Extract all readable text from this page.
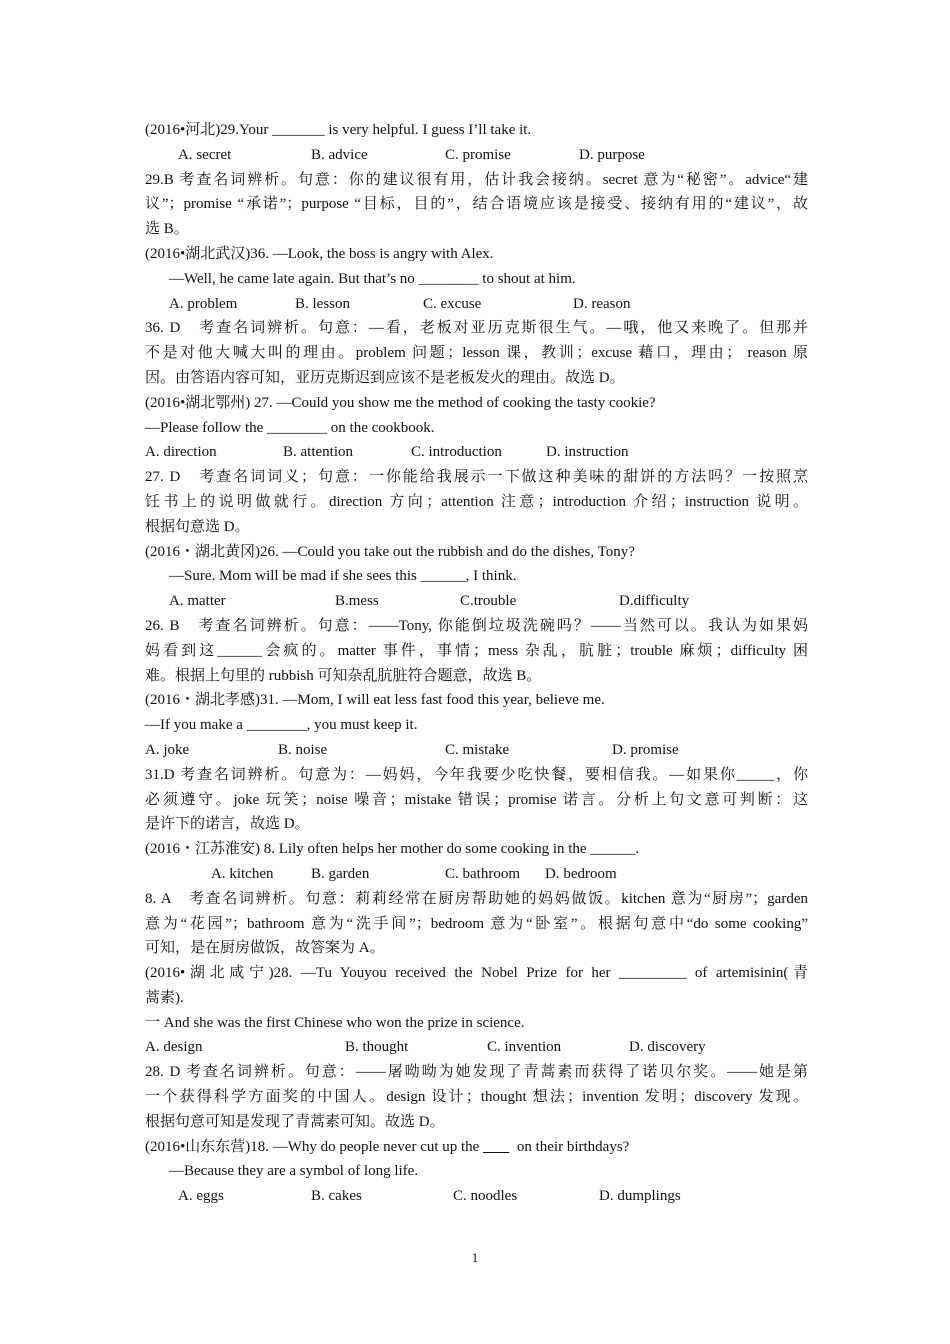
(2016•河北)29.Your _______ is very helpful. I guess I’ll take it.
A. secret	B. advice	C. promise	D. purpose
29.B 考查名词辨析。句意：你的建议很有用，估计我会接纳。secret 意为“秘密”。advice“建
议”；promise “承诺”；purpose “目标，目的”，结合语境应该是接受、接纳有用的“建议”，故
选 B。
(2016•湖北武汉)36. —Look, the boss is angry with Alex.
—Well, he came late again. But that’s no ________ to shout at him.
A. problem	B. lesson	C. excuse	D. reason
36. D　考查名词辨析。句意：—看，老板对亚历克斯很生气。—哦，他又来晚了。但那并
不是对他大喊大叫的理由。problem 问题；lesson 课，教训；excuse 藉口，理由； reason 原
因。由答语内容可知，亚历克斯迟到应该不是老板发火的理由。故选 D。
(2016•湖北鄂州) 27. —Could you show me the method of cooking the tasty cookie?
—Please follow the ________ on the cookbook.
A. direction	B. attention	C. introduction	D. instruction
27. D　考查名词词义；句意：一你能给我展示一下做这种美味的甜饼的方法吗？一按照烹
饪书上的说明做就行。direction 方向；attention 注意；introduction 介绍；instruction 说明。
根据句意选 D。
(2016・湖北黄冈)26. —Could you take out the rubbish and do the dishes, Tony?
—Sure. Mom will be mad if she sees this ______, I think.
A. matter	B.mess	C.trouble	D.difficulty
26. B　考查名词辨析。句意：——Tony, 你能倒垃圾洗碗吗？——当然可以。我认为如果妈
妈看到这______会疯的。matter 事件，事情；mess 杂乱，肮脏；trouble 麻烦；difficulty 困
难。根据上句里的 rubbish 可知杂乱肮脏符合题意，故选 B。
(2016・湖北孝感)31. —Mom, I will eat less fast food this year, believe me.
—If you make a ________, you must keep it.
A. joke	B. noise	C. mistake	D. promise
31.D 考查名词辨析。句意为：—妈妈，今年我要少吃快餐，要相信我。—如果你_____，你
必须遵守。joke 玩笑；noise 噪音；mistake 错误；promise 诺言。分析上句文意可判断：这
是许下的诺言，故选 D。
(2016・江苏淮安) 8. Lily often helps her mother do some cooking in the ______.
A. kitchen	B. garden	C. bathroom D. bedroom
8. A　考查名词辨析。句意：莉莉经常在厨房帮助她的妈妈做饭。kitchen 意为“厨房”；garden
意为“花园”；bathroom 意为“洗手间”；bedroom 意为“卧室”。根据句意中“do some cooking”
可知，是在厨房做饭，故答案为 A。
(2016•湖北咸宁)28. —Tu Youyou received the Nobel Prize for her _________ of artemisinin(青
蒿素).
一 And she was the first Chinese who won the prize in science.
A. design	B. thought	C. invention	D. discovery
28. D 考查名词辨析。句意：——屠呦呦为她发现了青蒿素而获得了诺贝尔奖。——她是第
一个获得科学方面奖的中国人。design 设计；thought 想法；invention 发明；discovery 发现。
根据句意可知是发现了青蒿素可知。故选 D。
(2016•山东东营)18. —Why do people never cut up the          on their birthdays?
—Because they are a symbol of long life.
A. eggs	B. cakes	C. noodles	D. dumplings
1
